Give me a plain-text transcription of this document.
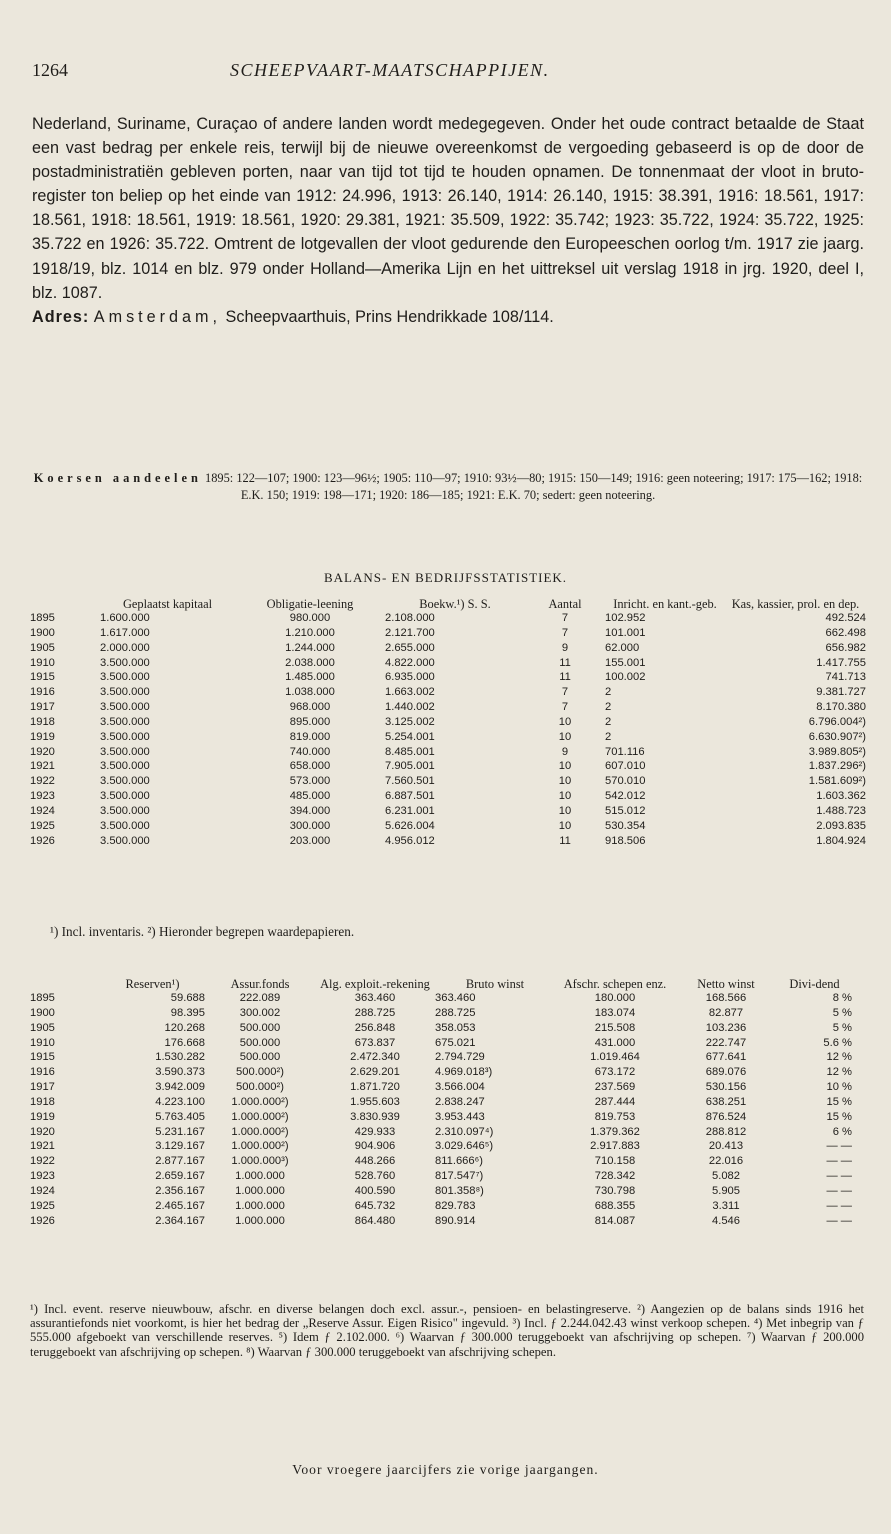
1264	SCHEEPVAART-MAATSCHAPPIJEN.

Nederland, Suriname, Curaçao of andere landen wordt medegegeven. Onder het oude contract betaalde de Staat een vast bedrag per enkele reis, terwijl bij de nieuwe overeenkomst de vergoeding gebaseerd is op de door de postadministratiën gebleven porten, naar van tijd tot tijd te houden opnamen. De tonnenmaat der vloot in bruto-register ton beliep op het einde van 1912: 24.996, 1913: 26.140, 1914: 26.140, 1915: 38.391, 1916: 18.561, 1917: 18.561, 1918: 18.561, 1919: 18.561, 1920: 29.381, 1921: 35.509, 1922: 35.742; 1923: 35.722, 1924: 35.722, 1925: 35.722 en 1926: 35.722. Omtrent de lotgevallen der vloot gedurende den Europeeschen oorlog t/m. 1917 zie jaarg. 1918/19, blz. 1014 en blz. 979 onder Holland—Amerika Lijn en het uittreksel uit verslag 1918 in jrg. 1920, deel I, blz. 1087.
Adres: Amsterdam, Scheepvaarthuis, Prins Hendrikkade 108/114.

Koersen aandeelen 1895: 122—107; 1900: 123—96½; 1905: 110—97; 1910: 93½—80; 1915: 150—149; 1916: geen noteering; 1917: 175—162; 1918: E.K. 150; 1919: 198—171; 1920: 186—185; 1921: E.K. 70; sedert: geen noteering.

BALANS- EN BEDRIJFSSTATISTIEK.
	Geplaatst kapitaal	Obligatie-leening	Boekw.¹) S. S.	Aantal	Inricht. en kant.-geb.	Kas, kassier, prol. en dep.
1895	1.600.000	980.000	2.108.000	7	102.952	492.524
1900	1.617.000	1.210.000	2.121.700	7	101.001	662.498
1905	2.000.000	1.244.000	2.655.000	9	62.000	656.982
1910	3.500.000	2.038.000	4.822.000	11	155.001	1.417.755
1915	3.500.000	1.485.000	6.935.000	11	100.002	741.713
1916	3.500.000	1.038.000	1.663.002	7	2	9.381.727
1917	3.500.000	968.000	1.440.002	7	2	8.170.380
1918	3.500.000	895.000	3.125.002	10	2	6.796.004²)
1919	3.500.000	819.000	5.254.001	10	2	6.630.907²)
1920	3.500.000	740.000	8.485.001	9	701.116	3.989.805²)
1921	3.500.000	658.000	7.905.001	10	607.010	1.837.296²)
1922	3.500.000	573.000	7.560.501	10	570.010	1.581.609²)
1923	3.500.000	485.000	6.887.501	10	542.012	1.603.362
1924	3.500.000	394.000	6.231.001	10	515.012	1.488.723
1925	3.500.000	300.000	5.626.004	10	530.354	2.093.835
1926	3.500.000	203.000	4.956.012	11	918.506	1.804.924
¹) Incl. inventaris. ²) Hieronder begrepen waardepapieren.
	Reserven¹)	Assur.fonds	Alg. exploit.-rekening	Bruto winst	Afschr. schepen enz.	Netto winst	Divi-dend
1895	59.688	222.089	363.460	363.460	180.000	168.566	8 %
1900	98.395	300.002	288.725	288.725	183.074	82.877	5 %
1905	120.268	500.000	256.848	358.053	215.508	103.236	5 %
1910	176.668	500.000	673.837	675.021	431.000	222.747	5.6 %
1915	1.530.282	500.000	2.472.340	2.794.729	1.019.464	677.641	12 %
1916	3.590.373	500.000²)	2.629.201	4.969.018³)	673.172	689.076	12 %
1917	3.942.009	500.000²)	1.871.720	3.566.004	237.569	530.156	10 %
1918	4.223.100	1.000.000²)	1.955.603	2.838.247	287.444	638.251	15 %
1919	5.763.405	1.000.000²)	3.830.939	3.953.443	819.753	876.524	15 %
1920	5.231.167	1.000.000²)	429.933	2.310.097⁴)	1.379.362	288.812	6 %
1921	3.129.167	1.000.000²)	904.906	3.029.646⁵)	2.917.883	20.413	— —
1922	2.877.167	1.000.000³)	448.266	811.666⁶)	710.158	22.016	— —
1923	2.659.167	1.000.000	528.760	817.547⁷)	728.342	5.082	— —
1924	2.356.167	1.000.000	400.590	801.358⁸)	730.798	5.905	— —
1925	2.465.167	1.000.000	645.732	829.783	688.355	3.311	— —
1926	2.364.167	1.000.000	864.480	890.914	814.087	4.546	— —

¹) Incl. event. reserve nieuwbouw, afschr. en diverse belangen doch excl. assur.-, pensioen- en belastingreserve. ²) Aangezien op de balans sinds 1916 het assurantiefonds niet voorkomt, is hier het bedrag der „Reserve Assur. Eigen Risico" ingevuld. ³) Incl. ƒ 2.244.042.43 winst verkoop schepen. ⁴) Met inbegrip van ƒ 555.000 afgeboekt van verschillende reserves. ⁵) Idem ƒ 2.102.000. ⁶) Waarvan ƒ 300.000 teruggeboekt van afschrijving op schepen. ⁷) Waarvan ƒ 200.000 teruggeboekt van afschrijving op schepen. ⁸) Waarvan ƒ 300.000 teruggeboekt van afschrijving schepen.

Voor vroegere jaarcijfers zie vorige jaargangen.
